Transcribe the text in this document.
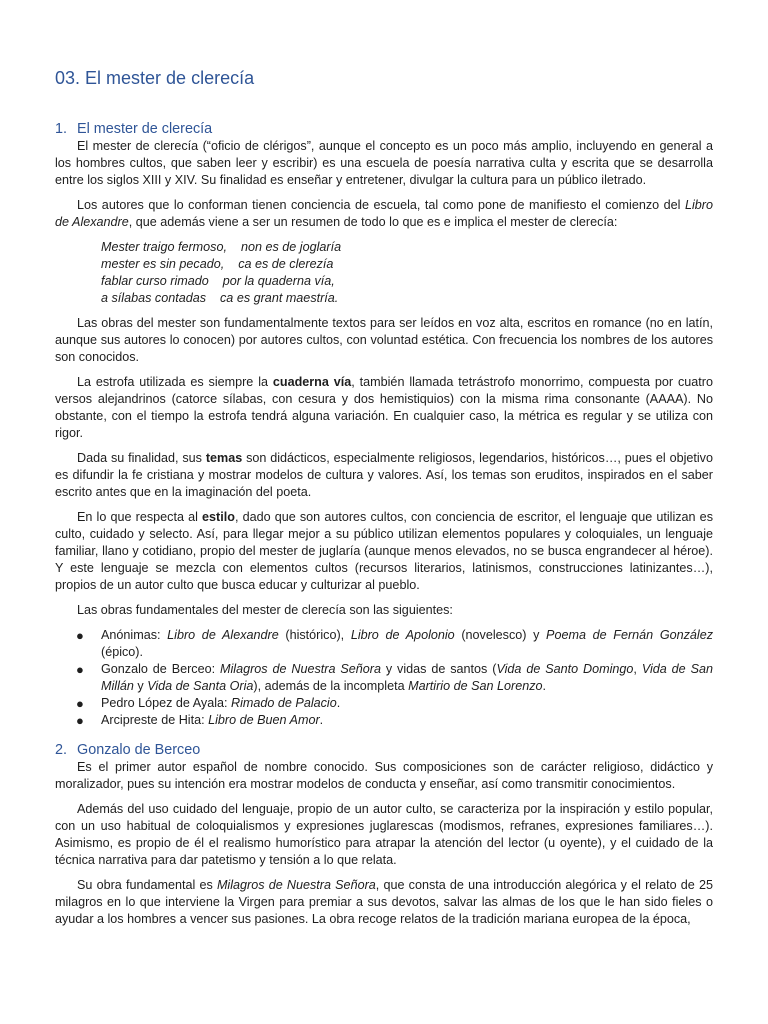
03. El mester de clerecía
1. El mester de clerecía

El mester de clerecía (“oficio de clérigos”, aunque el concepto es un poco más amplio, incluyendo en general a los hombres cultos, que saben leer y escribir) es una escuela de poesía narrativa culta y escrita que se desarrolla entre los siglos XIII y XIV. Su finalidad es enseñar y entretener, divulgar la cultura para un público iletrado.

Los autores que lo conforman tienen conciencia de escuela, tal como pone de manifiesto el comienzo del Libro de Alexandre, que además viene a ser un resumen de todo lo que es e implica el mester de clerecía:

Mester traigo fermoso,    non es de joglaría
mester es sin pecado,    ca es de clerezía
fablar curso rimado    por la quaderna vía,
a sílabas contadas    ca es grant maestría.

Las obras del mester son fundamentalmente textos para ser leídos en voz alta, escritos en romance (no en latín, aunque sus autores lo conocen) por autores cultos, con voluntad estética. Con frecuencia los nombres de los autores son conocidos.

La estrofa utilizada es siempre la cuaderna vía, también llamada tetrástrofo monorrimo, compuesta por cuatro versos alejandrinos (catorce sílabas, con cesura y dos hemistiquios) con la misma rima consonante (AAAA). No obstante, con el tiempo la estrofa tendrá alguna variación. En cualquier caso, la métrica es regular y se utiliza con rigor.

Dada su finalidad, sus temas son didácticos, especialmente religiosos, legendarios, históricos…, pues el objetivo es difundir la fe cristiana y mostrar modelos de cultura y valores. Así, los temas son eruditos, inspirados en el saber escrito antes que en la imaginación del poeta.

En lo que respecta al estilo, dado que son autores cultos, con conciencia de escritor, el lenguaje que utilizan es culto, cuidado y selecto. Así, para llegar mejor a su público utilizan elementos populares y coloquiales, un lenguaje familiar, llano y cotidiano, propio del mester de juglaría (aunque menos elevados, no se busca engrandecer al héroe). Y este lenguaje se mezcla con elementos cultos (recursos literarios, latinismos, construcciones latinizantes…), propios de un autor culto que busca educar y culturizar al pueblo.

Las obras fundamentales del mester de clerecía son las siguientes:

● Anónimas: Libro de Alexandre (histórico), Libro de Apolonio (novelesco) y Poema de Fernán González (épico).
● Gonzalo de Berceo: Milagros de Nuestra Señora y vidas de santos (Vida de Santo Domingo, Vida de San Millán y Vida de Santa Oria), además de la incompleta Martirio de San Lorenzo.
● Pedro López de Ayala: Rimado de Palacio.
● Arcipreste de Hita: Libro de Buen Amor.
2. Gonzalo de Berceo

Es el primer autor español de nombre conocido. Sus composiciones son de carácter religioso, didáctico y moralizador, pues su intención era mostrar modelos de conducta y enseñar, así como transmitir conocimientos.

Además del uso cuidado del lenguaje, propio de un autor culto, se caracteriza por la inspiración y estilo popular, con un uso habitual de coloquialismos y expresiones juglarescas (modismos, refranes, expresiones familiares…). Asimismo, es propio de él el realismo humorístico para atrapar la atención del lector (u oyente), y el cuidado de la técnica narrativa para dar patetismo y tensión a lo que relata.

Su obra fundamental es Milagros de Nuestra Señora, que consta de una introducción alegórica y el relato de 25 milagros en lo que interviene la Virgen para premiar a sus devotos, salvar las almas de los que le han sido fieles o ayudar a los hombres a vencer sus pasiones. La obra recoge relatos de la tradición mariana europea de la época,
